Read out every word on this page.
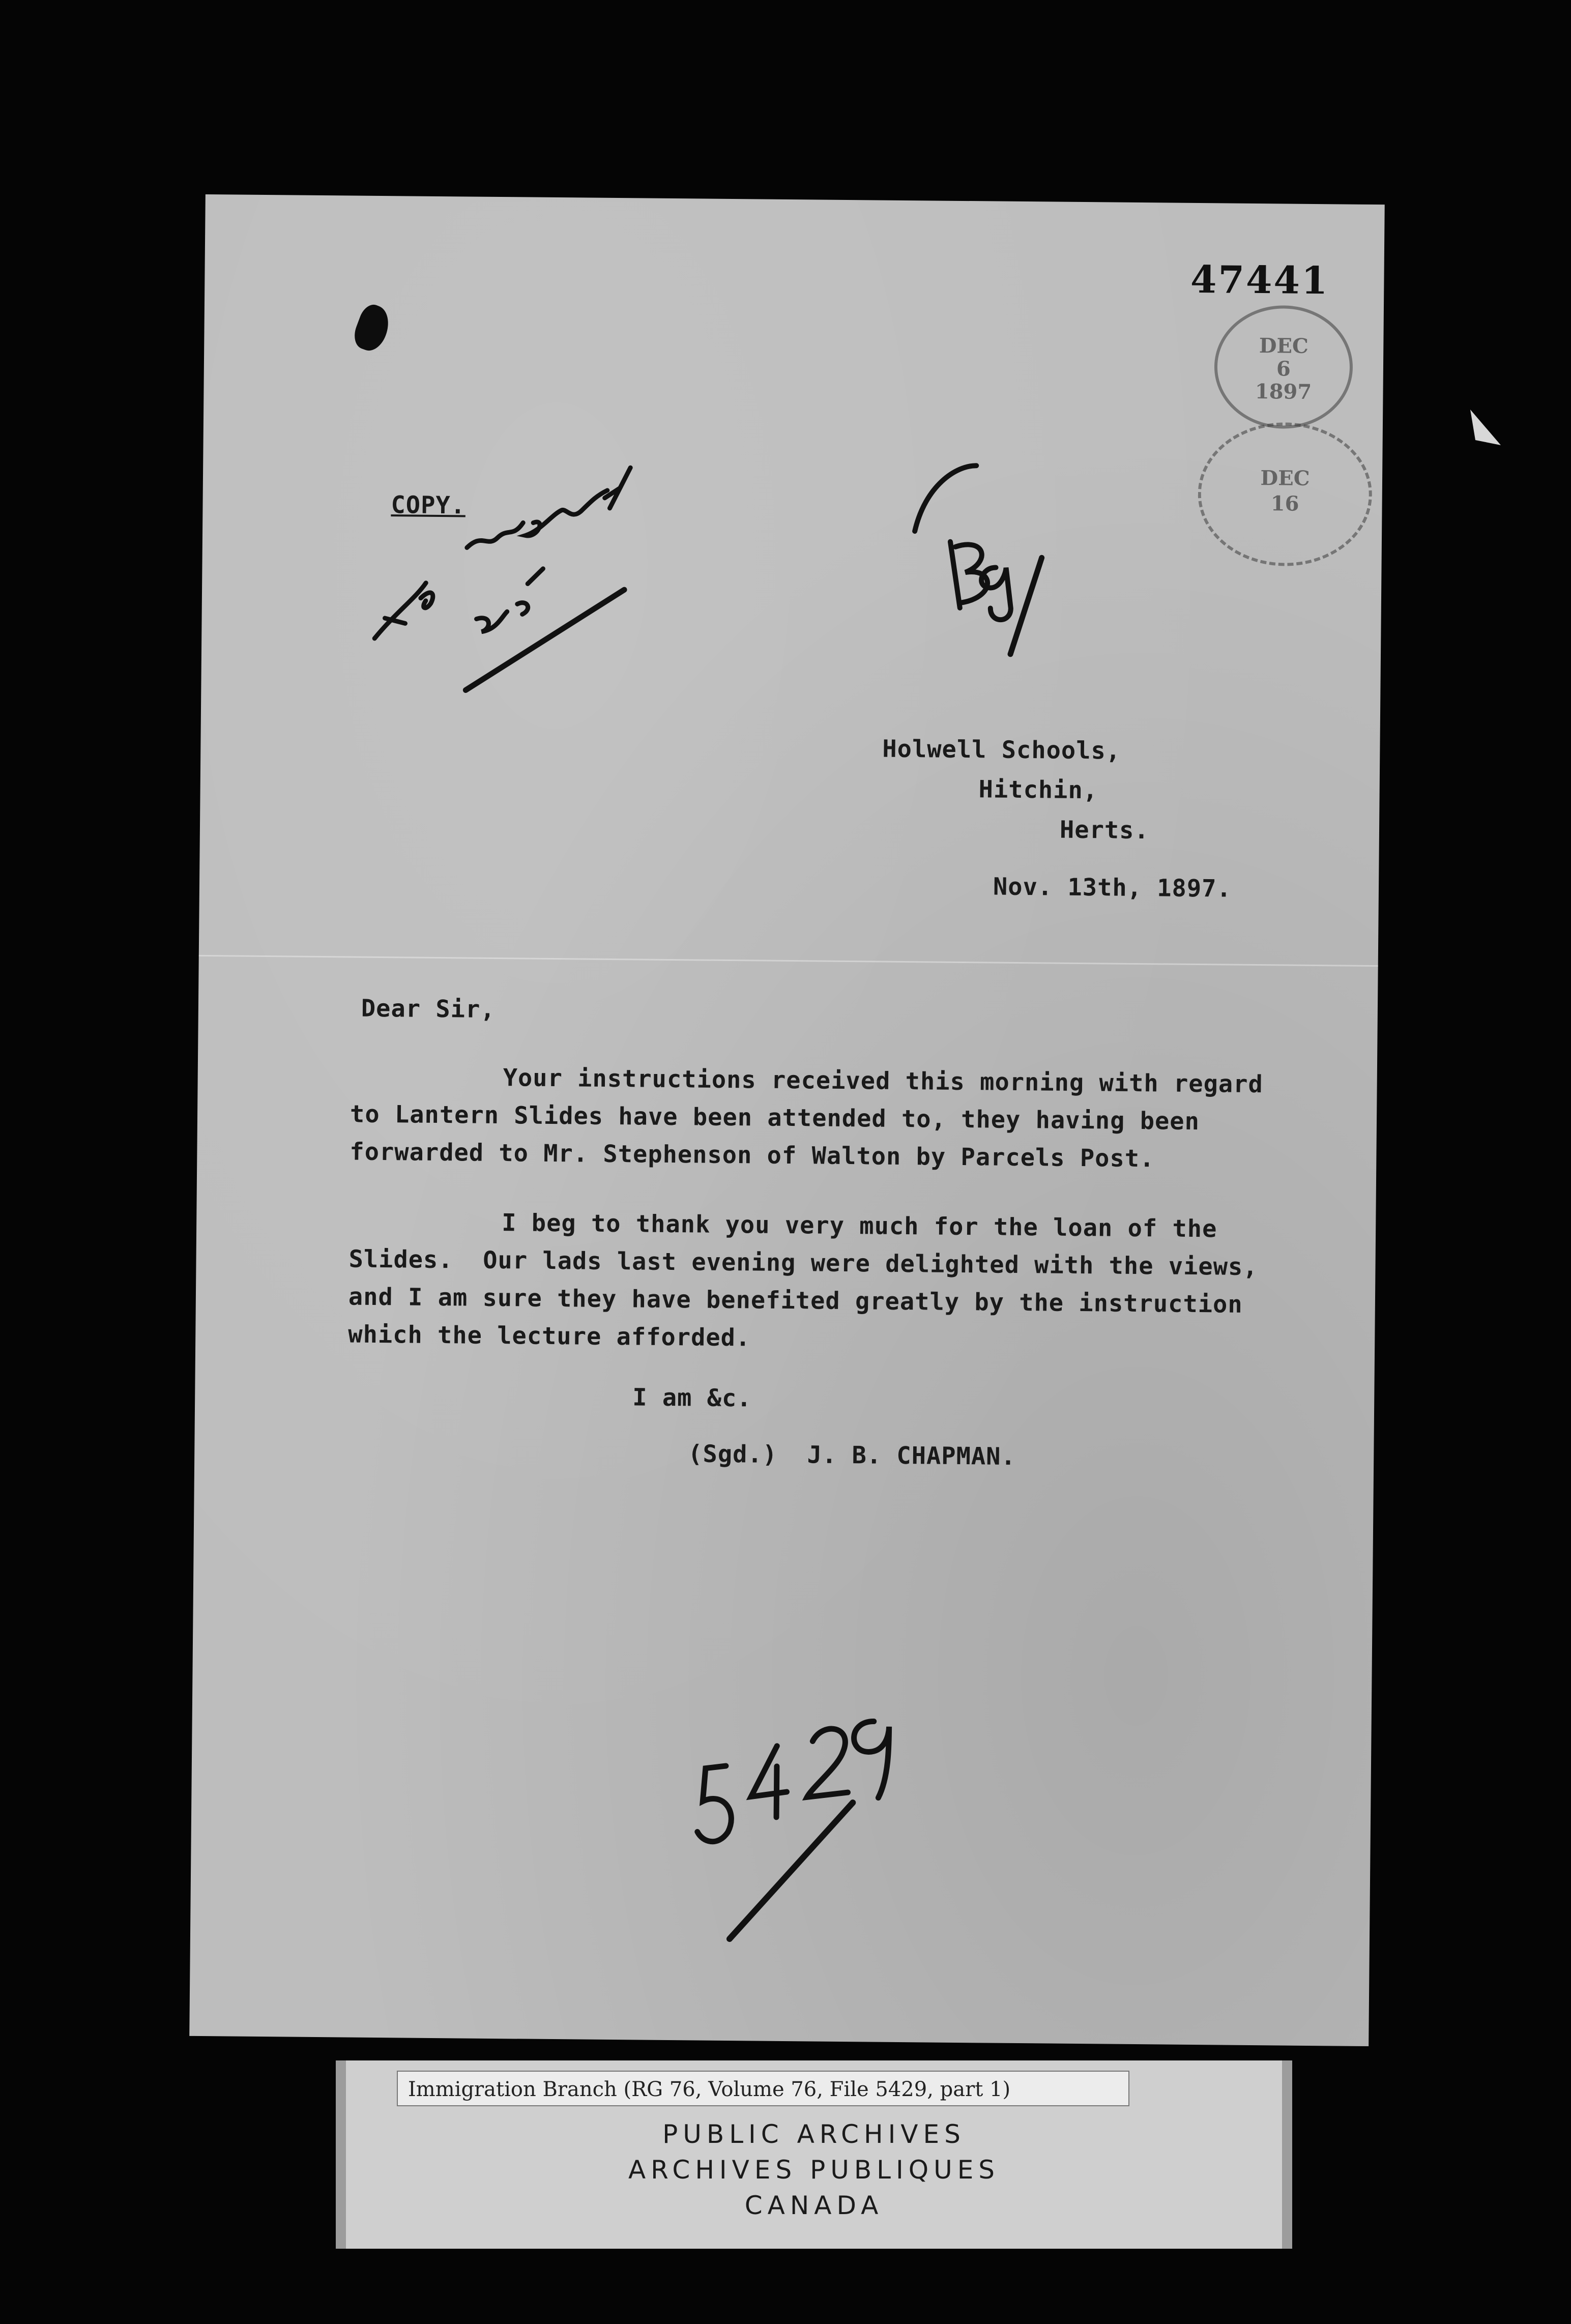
47441
DEC
6
1897
DEC
16
COPY.
Holwell Schools,
Hitchin,
Herts.
Nov. 13th, 1897.
Dear Sir,
Your instructions received this morning with regard
to Lantern Slides have been attended to, they having been
forwarded to Mr. Stephenson of Walton by Parcels Post.
I beg to thank you very much for the loan of the
Slides.  Our lads last evening were delighted with the views,
and I am sure they have benefited greatly by the instruction
which the lecture afforded.
I am &c.
(Sgd.)  J. B. CHAPMAN.
Immigration Branch (RG 76, Volume 76, File 5429, part 1)
PUBLIC ARCHIVES
ARCHIVES PUBLIQUES
CANADA
